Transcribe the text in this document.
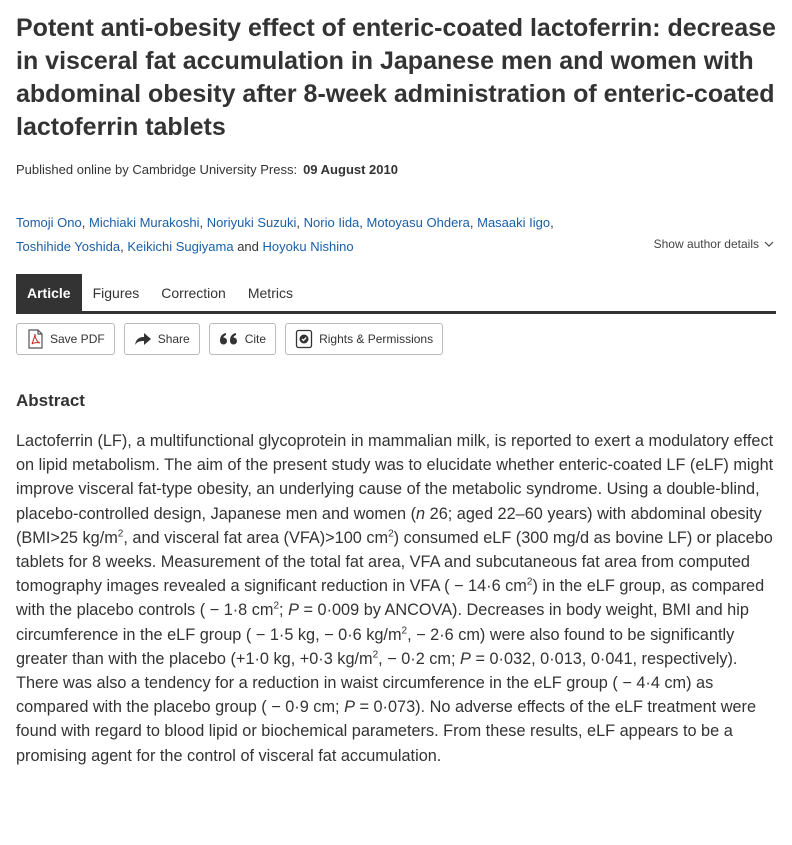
Potent anti-obesity effect of enteric-coated lactoferrin: decrease in visceral fat accumulation in Japanese men and women with abdominal obesity after 8-week administration of enteric-coated lactoferrin tablets
Published online by Cambridge University Press: 09 August 2010
Tomoji Ono, Michiaki Murakoshi, Noriyuki Suzuki, Norio Iida, Motoyasu Ohdera, Masaaki Iigo,
Toshihide Yoshida, Keikichi Sugiyama and Hoyoku Nishino	Show author details
Article	Figures	Correction	Metrics
Save PDF	Share	Cite	Rights & Permissions
Abstract

Lactoferrin (LF), a multifunctional glycoprotein in mammalian milk, is reported to exert a modulatory effect on lipid metabolism. The aim of the present study was to elucidate whether enteric-coated LF (eLF) might improve visceral fat-type obesity, an underlying cause of the metabolic syndrome. Using a double-blind, placebo-controlled design, Japanese men and women (n 26; aged 22–60 years) with abdominal obesity (BMI>25 $kg/m^2$, and visceral fat area (VFA)>100 $cm^2$) consumed eLF (300 mg/d as bovine LF) or placebo tablets for 8 weeks. Measurement of the total fat area, VFA and subcutaneous fat area from computed tomography images revealed a significant reduction in VFA ( − 14·6 $cm^2$) in the eLF group, as compared with the placebo controls ( − 1·8 $cm^2$; P = 0·009 by ANCOVA). Decreases in body weight, BMI and hip circumference in the eLF group ( − 1·5 kg, − 0·6 $kg/m^2$, − 2·6 cm) were also found to be significantly greater than with the placebo (+1·0 kg, +0·3 $kg/m^2$, − 0·2 cm; P = 0·032, 0·013, 0·041, respectively). There was also a tendency for a reduction in waist circumference in the eLF group ( − 4·4 cm) as compared with the placebo group ( − 0·9 cm; P = 0·073). No adverse effects of the eLF treatment were found with regard to blood lipid or biochemical parameters. From these results, eLF appears to be a promising agent for the control of visceral fat accumulation.
